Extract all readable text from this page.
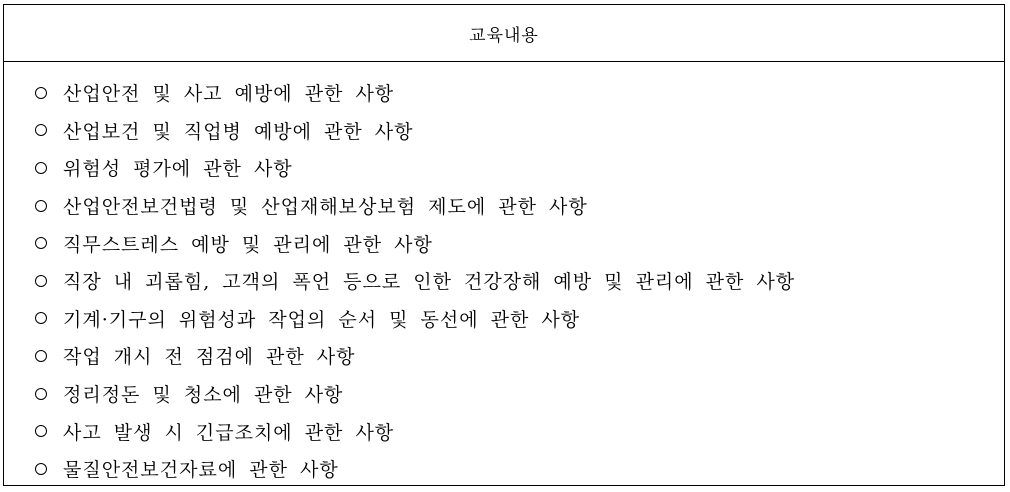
교육내용
산업안전 및 사고 예방에 관한 사항
산업보건 및 직업병 예방에 관한 사항
위험성 평가에 관한 사항
산업안전보건법령 및 산업재해보상보험 제도에 관한 사항
직무스트레스 예방 및 관리에 관한 사항
직장 내 괴롭힘, 고객의 폭언 등으로 인한 건강장해 예방 및 관리에 관한 사항
기계·기구의 위험성과 작업의 순서 및 동선에 관한 사항
작업 개시 전 점검에 관한 사항
정리정돈 및 청소에 관한 사항
사고 발생 시 긴급조치에 관한 사항
물질안전보건자료에 관한 사항
